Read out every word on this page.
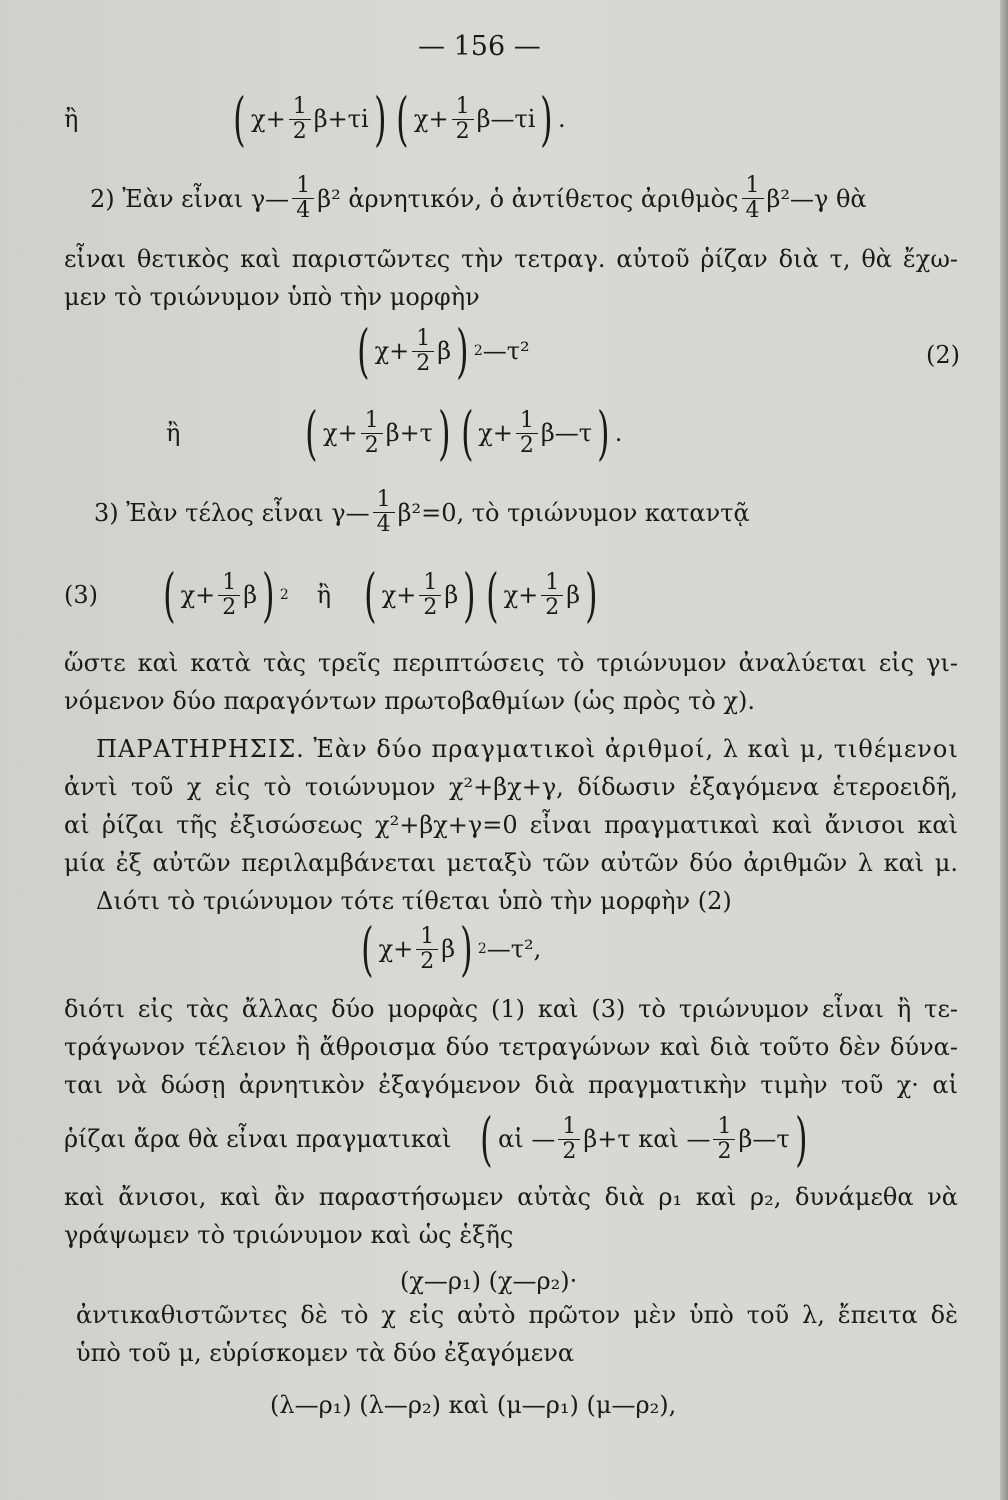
— 156 —
ἢ	( $\chi+ \frac{1}{2} \beta+\tau i$ ) ( $\chi+ \frac{1}{2}$ β—τi ) .
2) Ἐὰν εἶναι γ— $\frac{1}{4} \beta^2$ ἀρνητικόν, ὁ ἀντίθετος ἀριθμὸς $\frac{1}{4}$ β²—γ θὰ
εἶναι θετικὸς καὶ παριστῶντες τὴν τετραγ. αὐτοῦ ῥίζαν διὰ τ, θὰ ἔχω-
μεν τὸ τριώνυμον ὑπὸ τὴν μορφὴν
( $\chi+ \frac{1}{2}$ β ) 2 —τ²	(2)
ἢ ( $\chi+ \frac{1}{2} \beta+\tau$ ) ( $\chi+ \frac{1}{2}$ β—τ ) .
3) Ἐὰν τέλος εἶναι γ— $\frac{1}{4} \beta^2=0$, τὸ τριώνυμον καταντᾷ
(3) ( $\chi+ \frac{1}{2}$ β ) 2 ἢ ( $\chi+ \frac{1}{2}$ β ) ( $\chi+ \frac{1}{2}$ β )
ὥστε καὶ κατὰ τὰς τρεῖς περιπτώσεις τὸ τριώνυμον ἀναλύεται εἰς γι-
νόμενον δύο παραγόντων πρωτοβαθμίων (ὡς πρὸς τὸ χ).
ΠΑΡΑΤΗΡΗΣΙΣ. Ἐὰν δύο πραγματικοὶ ἀριθμοί, λ καὶ μ, τιθέμενοι
ἀντὶ τοῦ χ εἰς τὸ τοιώνυμον χ²+βχ+γ, δίδωσιν ἐξαγόμενα ἑτεροειδῆ,
αἱ ῥίζαι τῆς ἐξισώσεως χ²+βχ+γ=0 εἶναι πραγματικαὶ καὶ ἄνισοι καὶ
μία ἐξ αὐτῶν περιλαμβάνεται μεταξὺ τῶν αὐτῶν δύο ἀριθμῶν λ καὶ μ.
Διότι τὸ τριώνυμον τότε τίθεται ὑπὸ τὴν μορφὴν (2)
( $\chi+ \frac{1}{2}$ β ) 2 —τ²,
διότι εἰς τὰς ἄλλας δύο μορφὰς (1) καὶ (3) τὸ τριώνυμον εἶναι ἢ τε-
τράγωνον τέλειον ἢ ἄθροισμα δύο τετραγώνων καὶ διὰ τοῦτο δὲν δύνα-
ται νὰ δώσῃ ἀρνητικὸν ἐξαγόμενον διὰ πραγματικὴν τιμὴν τοῦ χ· αἱ
ῥίζαι ἄρα θὰ εἶναι πραγματικαὶ ( αἱ — $\frac{1}{2} \beta+\tau$ καὶ — $\frac{1}{2}$ β—τ )
καὶ ἄνισοι, καὶ ἂν παραστήσωμεν αὐτὰς διὰ ρ₁ καὶ ρ₂, δυνάμεθα νὰ
γράψωμεν τὸ τριώνυμον καὶ ὡς ἑξῆς
(χ—ρ₁) (χ—ρ₂)·
ἀντικαθιστῶντες δὲ τὸ χ εἰς αὐτὸ πρῶτον μὲν ὑπὸ τοῦ λ, ἔπειτα δὲ
ὑπὸ τοῦ μ, εὑρίσκομεν τὰ δύο ἐξαγόμενα
(λ—ρ₁) (λ—ρ₂) καὶ (μ—ρ₁) (μ—ρ₂),
